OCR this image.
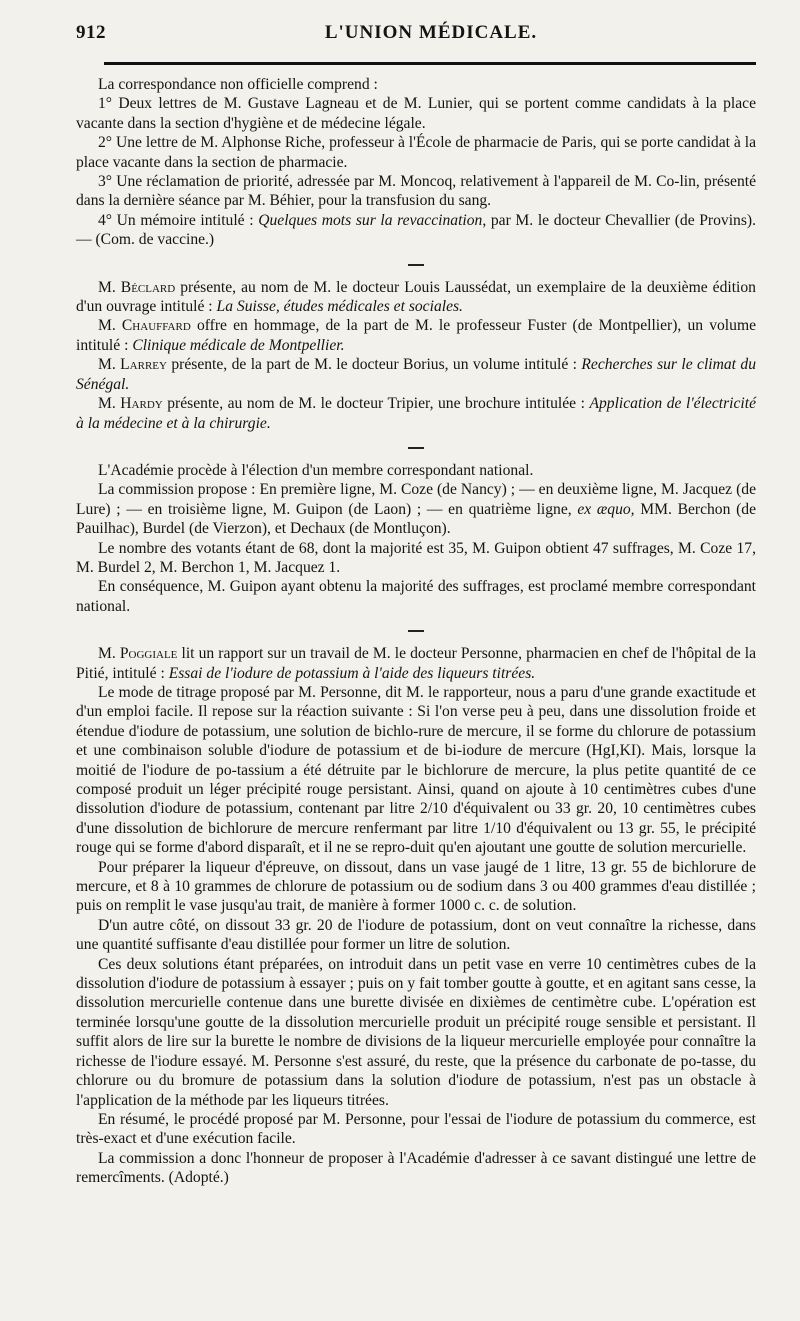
912	L'UNION MÉDICALE.

La correspondance non officielle comprend :

1° Deux lettres de M. Gustave Lagneau et de M. Lunier, qui se portent comme candidats à la place vacante dans la section d'hygiène et de médecine légale.

2° Une lettre de M. Alphonse Riche, professeur à l'École de pharmacie de Paris, qui se porte candidat à la place vacante dans la section de pharmacie.

3° Une réclamation de priorité, adressée par M. Moncoq, relativement à l'appareil de M. Co-lin, présenté dans la dernière séance par M. Béhier, pour la transfusion du sang.

4° Un mémoire intitulé : Quelques mots sur la revaccination, par M. le docteur Chevallier (de Provins). — (Com. de vaccine.)

M. Béclard présente, au nom de M. le docteur Louis Laussédat, un exemplaire de la deuxième édition d'un ouvrage intitulé : La Suisse, études médicales et sociales.

M. Chauffard offre en hommage, de la part de M. le professeur Fuster (de Montpellier), un volume intitulé : Clinique médicale de Montpellier.

M. Larrey présente, de la part de M. le docteur Borius, un volume intitulé : Recherches sur le climat du Sénégal.

M. Hardy présente, au nom de M. le docteur Tripier, une brochure intitulée : Application de l'électricité à la médecine et à la chirurgie.

L'Académie procède à l'élection d'un membre correspondant national.

La commission propose : En première ligne, M. Coze (de Nancy) ; — en deuxième ligne, M. Jacquez (de Lure) ; — en troisième ligne, M. Guipon (de Laon) ; — en quatrième ligne, ex æquo, MM. Berchon (de Pauilhac), Burdel (de Vierzon), et Dechaux (de Montluçon).

Le nombre des votants étant de 68, dont la majorité est 35, M. Guipon obtient 47 suffrages, M. Coze 17, M. Burdel 2, M. Berchon 1, M. Jacquez 1.

En conséquence, M. Guipon ayant obtenu la majorité des suffrages, est proclamé membre correspondant national.

M. Poggiale lit un rapport sur un travail de M. le docteur Personne, pharmacien en chef de l'hôpital de la Pitié, intitulé : Essai de l'iodure de potassium à l'aide des liqueurs titrées.

Le mode de titrage proposé par M. Personne, dit M. le rapporteur, nous a paru d'une grande exactitude et d'un emploi facile. Il repose sur la réaction suivante : Si l'on verse peu à peu, dans une dissolution froide et étendue d'iodure de potassium, une solution de bichlo-rure de mercure, il se forme du chlorure de potassium et une combinaison soluble d'iodure de potassium et de bi-iodure de mercure (HgI,KI). Mais, lorsque la moitié de l'iodure de po-tassium a été détruite par le bichlorure de mercure, la plus petite quantité de ce composé produit un léger précipité rouge persistant. Ainsi, quand on ajoute à 10 centimètres cubes d'une dissolution d'iodure de potassium, contenant par litre 2/10 d'équivalent ou 33 gr. 20, 10 centimètres cubes d'une dissolution de bichlorure de mercure renfermant par litre 1/10 d'équivalent ou 13 gr. 55, le précipité rouge qui se forme d'abord disparaît, et il ne se repro-duit qu'en ajoutant une goutte de solution mercurielle.

Pour préparer la liqueur d'épreuve, on dissout, dans un vase jaugé de 1 litre, 13 gr. 55 de bichlorure de mercure, et 8 à 10 grammes de chlorure de potassium ou de sodium dans 3 ou 400 grammes d'eau distillée ; puis on remplit le vase jusqu'au trait, de manière à former 1000 c. c. de solution.

D'un autre côté, on dissout 33 gr. 20 de l'iodure de potassium, dont on veut connaître la richesse, dans une quantité suffisante d'eau distillée pour former un litre de solution.

Ces deux solutions étant préparées, on introduit dans un petit vase en verre 10 centimètres cubes de la dissolution d'iodure de potassium à essayer ; puis on y fait tomber goutte à goutte, et en agitant sans cesse, la dissolution mercurielle contenue dans une burette divisée en dixièmes de centimètre cube. L'opération est terminée lorsqu'une goutte de la dissolution mercurielle produit un précipité rouge sensible et persistant. Il suffit alors de lire sur la burette le nombre de divisions de la liqueur mercurielle employée pour connaître la richesse de l'iodure essayé. M. Personne s'est assuré, du reste, que la présence du carbonate de po-tasse, du chlorure ou du bromure de potassium dans la solution d'iodure de potassium, n'est pas un obstacle à l'application de la méthode par les liqueurs titrées.

En résumé, le procédé proposé par M. Personne, pour l'essai de l'iodure de potassium du commerce, est très-exact et d'une exécution facile.

La commission a donc l'honneur de proposer à l'Académie d'adresser à ce savant distingué une lettre de remercîments. (Adopté.)
